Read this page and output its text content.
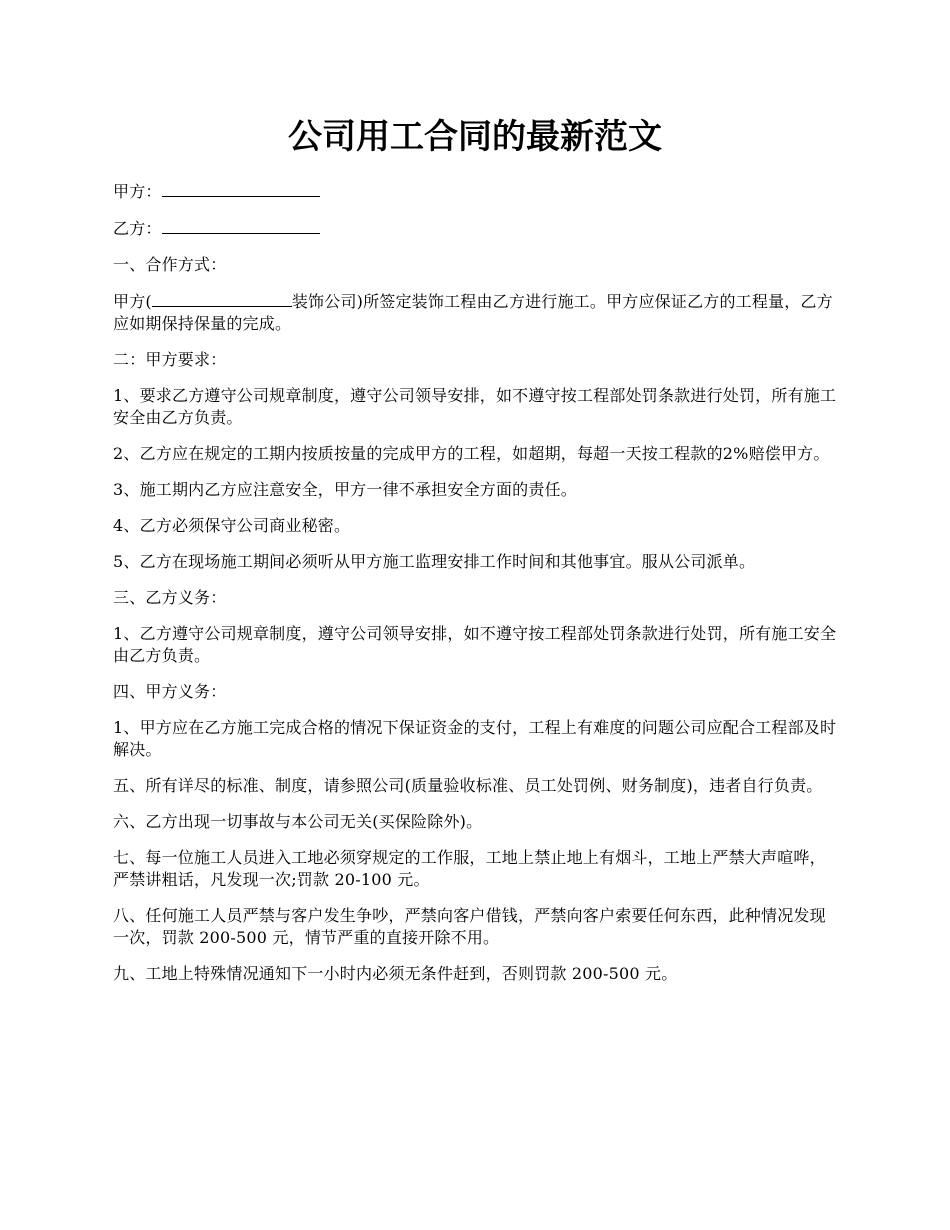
公司用工合同的最新范文

甲方：

乙方：

一、合作方式：

甲方(	装饰公司)所签定装饰工程由乙方进行施工。甲方应保证乙方的工程量，乙方应如期保持保量的完成。

二：甲方要求：

1、要求乙方遵守公司规章制度，遵守公司领导安排，如不遵守按工程部处罚条款进行处罚，所有施工安全由乙方负责。

2、乙方应在规定的工期内按质按量的完成甲方的工程，如超期，每超一天按工程款的2%赔偿甲方。

3、施工期内乙方应注意安全，甲方一律不承担安全方面的责任。

4、乙方必须保守公司商业秘密。

5、乙方在现场施工期间必须听从甲方施工监理安排工作时间和其他事宜。服从公司派单。

三、乙方义务：

1、乙方遵守公司规章制度，遵守公司领导安排，如不遵守按工程部处罚条款进行处罚，所有施工安全由乙方负责。

四、甲方义务：

1、甲方应在乙方施工完成合格的情况下保证资金的支付，工程上有难度的问题公司应配合工程部及时解决。

五、所有详尽的标准、制度，请参照公司(质量验收标准、员工处罚例、财务制度)，违者自行负责。

六、乙方出现一切事故与本公司无关(买保险除外)。

七、每一位施工人员进入工地必须穿规定的工作服，工地上禁止地上有烟斗，工地上严禁大声喧哗，严禁讲粗话，凡发现一次;罚款 20-100 元。

八、任何施工人员严禁与客户发生争吵，严禁向客户借钱，严禁向客户索要任何东西，此种情况发现一次，罚款 200-500 元，情节严重的直接开除不用。

九、工地上特殊情况通知下一小时内必须无条件赶到，否则罚款 200-500 元。
